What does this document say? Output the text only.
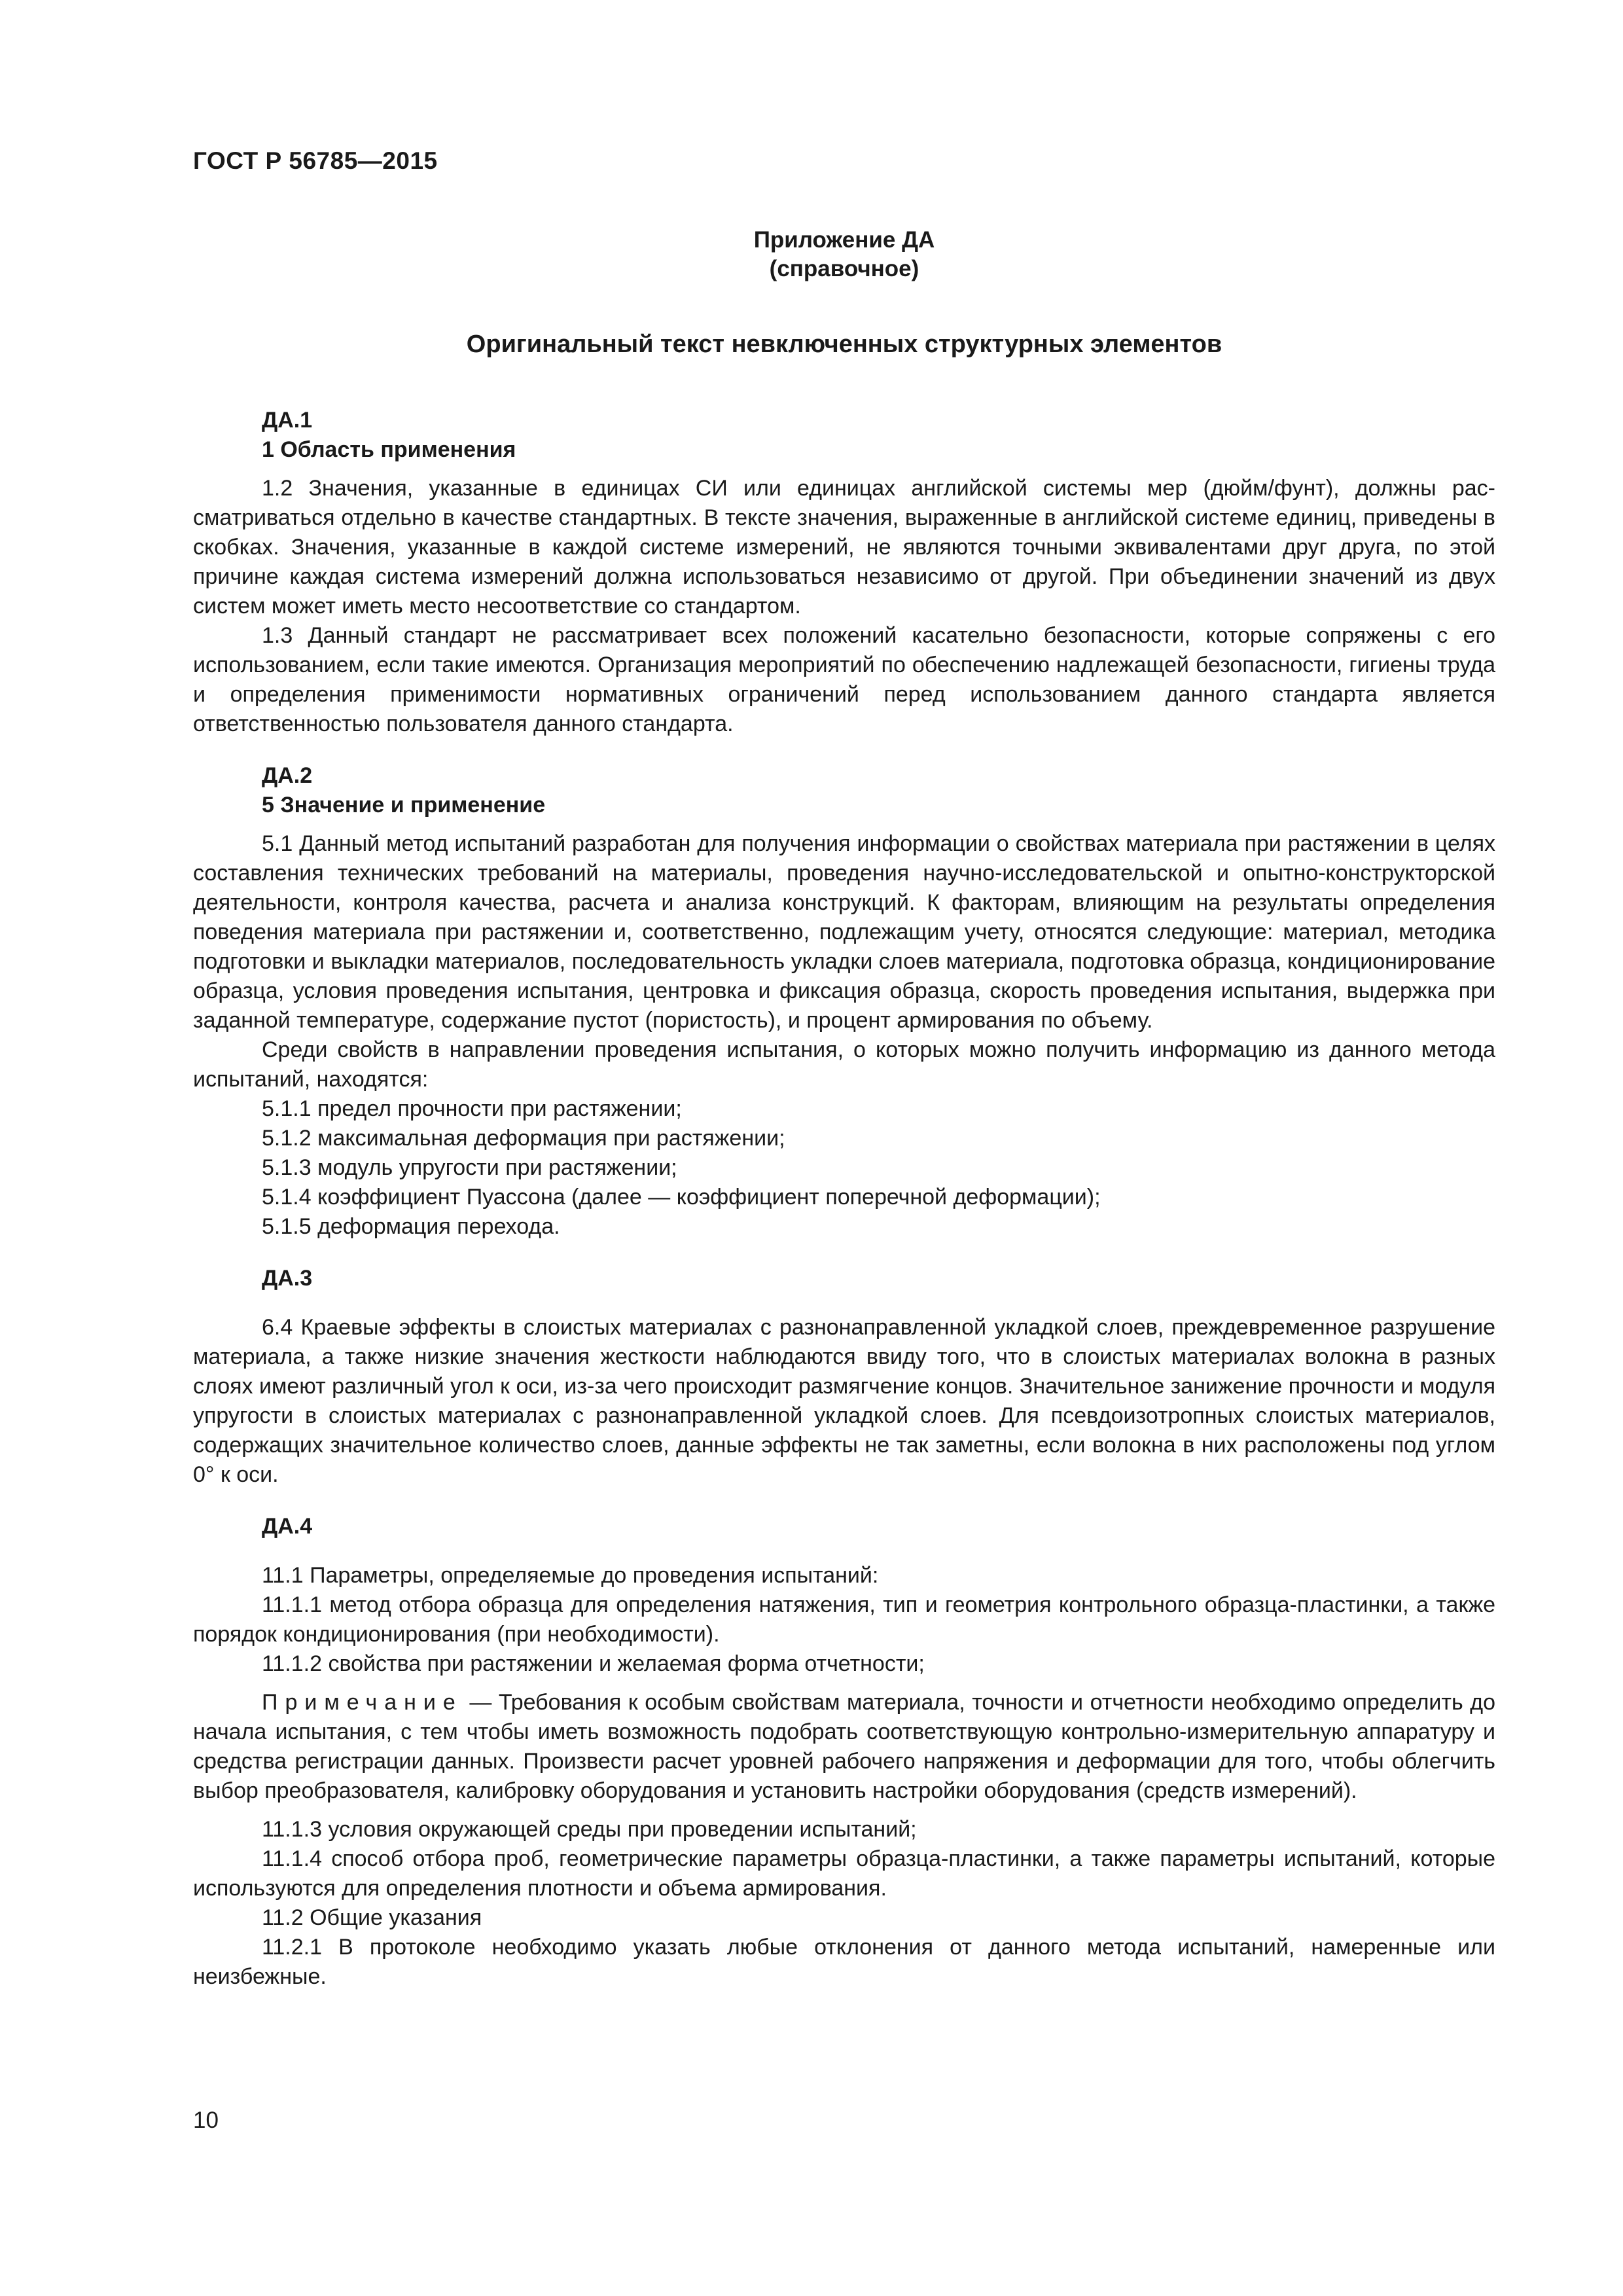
ГОСТ Р 56785—2015
Приложение ДА
(справочное)
Оригинальный текст невключенных структурных элементов
ДА.1
1 Область применения

1.2 Значения, указанные в единицах СИ или единицах английской системы мер (дюйм/фунт), должны рассматриваться отдельно в качестве стандартных. В тексте значения, выраженные в английской системе единиц, приведены в скобках. Значения, указанные в каждой системе измерений, не являются точными эквивалентами друг друга, по этой причине каждая система измерений должна использоваться независимо от другой. При объединении значений из двух систем может иметь место несоответствие со стандартом.

1.3 Данный стандарт не рассматривает всех положений касательно безопасности, которые сопряжены с его использованием, если такие имеются. Организация мероприятий по обеспечению надлежащей безопасности, гигиены труда и определения применимости нормативных ограничений перед использованием данного стандарта является ответственностью пользователя данного стандарта.

ДА.2
5 Значение и применение

5.1 Данный метод испытаний разработан для получения информации о свойствах материала при растяжении в целях составления технических требований на материалы, проведения научно-исследовательской и опытно-конструкторской деятельности, контроля качества, расчета и анализа конструкций. К факторам, влияющим на результаты определения поведения материала при растяжении и, соответственно, подлежащим учету, относятся следующие: материал, методика подготовки и выкладки материалов, последовательность укладки слоев материала, подготовка образца, кондиционирование образца, условия проведения испытания, центровка и фиксация образца, скорость проведения испытания, выдержка при заданной температуре, содержание пустот (пористость), и процент армирования по объему.

Среди свойств в направлении проведения испытания, о которых можно получить информацию из данного метода испытаний, находятся:

5.1.1 предел прочности при растяжении;

5.1.2 максимальная деформация при растяжении;

5.1.3 модуль упругости при растяжении;

5.1.4 коэффициент Пуассона (далее — коэффициент поперечной деформации);

5.1.5 деформация перехода.

ДА.3

6.4 Краевые эффекты в слоистых материалах с разнонаправленной укладкой слоев, преждевременное разрушение материала, а также низкие значения жесткости наблюдаются ввиду того, что в слоистых материалах волокна в разных слоях имеют различный угол к оси, из-за чего происходит размягчение концов. Значительное занижение прочности и модуля упругости в слоистых материалах с разнонаправленной укладкой слоев. Для псевдоизотропных слоистых материалов, содержащих значительное количество слоев, данные эффекты не так заметны, если волокна в них расположены под углом 0° к оси.

ДА.4

11.1 Параметры, определяемые до проведения испытаний:

11.1.1 метод отбора образца для определения натяжения, тип и геометрия контрольного образца-пластинки, а также порядок кондиционирования (при необходимости).

11.1.2 свойства при растяжении и желаемая форма отчетности;

Примечание — Требования к особым свойствам материала, точности и отчетности необходимо определить до начала испытания, с тем чтобы иметь возможность подобрать соответствующую контрольно-измерительную аппаратуру и средства регистрации данных. Произвести расчет уровней рабочего напряжения и деформации для того, чтобы облегчить выбор преобразователя, калибровку оборудования и установить настройки оборудования (средств измерений).

11.1.3 условия окружающей среды при проведении испытаний;

11.1.4 способ отбора проб, геометрические параметры образца-пластинки, а также параметры испытаний, которые используются для определения плотности и объема армирования.

11.2 Общие указания

11.2.1 В протоколе необходимо указать любые отклонения от данного метода испытаний, намеренные или неизбежные.

10
